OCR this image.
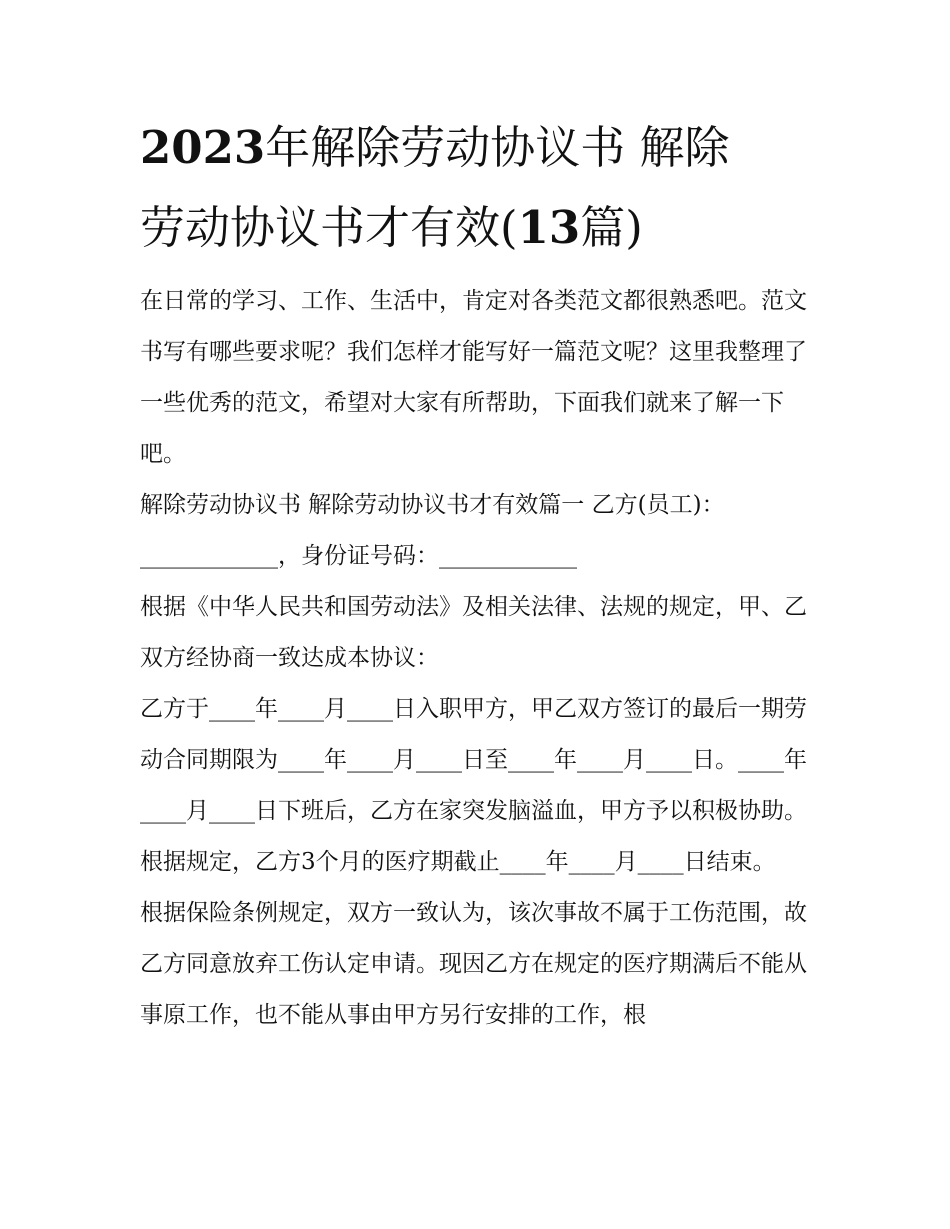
2023年解除劳动协议书 解除
劳动协议书才有效(13篇)

在日常的学习、工作、生活中，肯定对各类范文都很熟悉吧。范文书写有哪些要求呢？我们怎样才能写好一篇范文呢？这里我整理了一些优秀的范文，希望对大家有所帮助，下面我们就来了解一下吧。

解除劳动协议书 解除劳动协议书才有效篇一 乙方(员工)：____________，身份证号码：____________

根据《中华人民共和国劳动法》及相关法律、法规的规定，甲、乙双方经协商一致达成本协议：

乙方于____年____月____日入职甲方，甲乙双方签订的最后一期劳动合同期限为____年____月____日至____年____月____日。____年____月____日下班后，乙方在家突发脑溢血，甲方予以积极协助。根据规定，乙方3个月的医疗期截止____年____月____日结束。

根据保险条例规定，双方一致认为，该次事故不属于工伤范围，故乙方同意放弃工伤认定申请。现因乙方在规定的医疗期满后不能从事原工作，也不能从事由甲方另行安排的工作，根
